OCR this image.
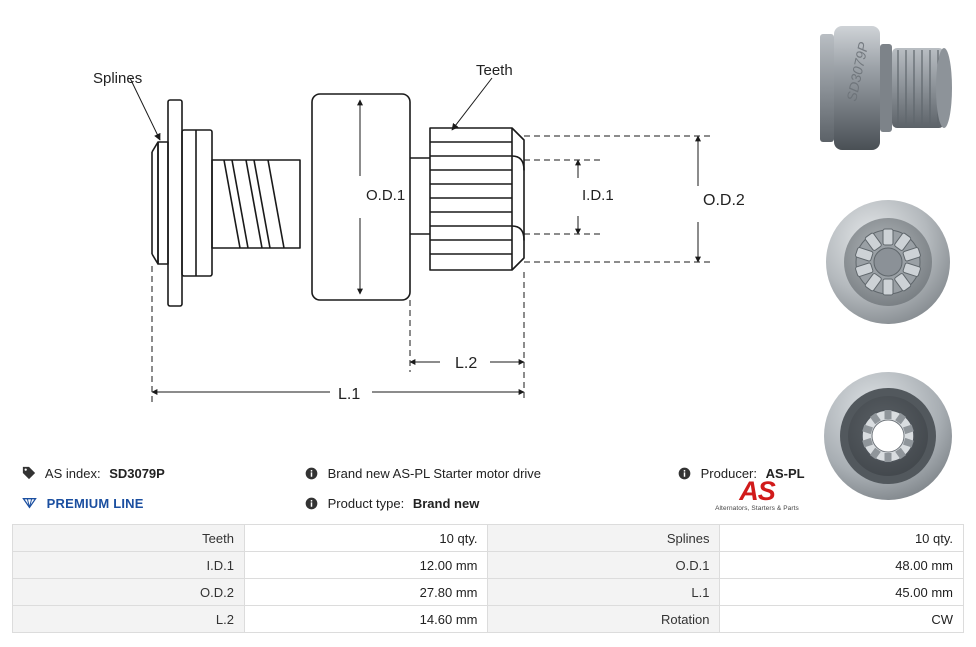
Splines	Teeth
O.D.1	I.D.1	O.D.2
L.2
L.1
SD3079P
AS index: SD3079P
PREMIUM LINE
Brand new AS-PL Starter motor drive
Product type: Brand new
Producer: AS-PL
AS
Alternators, Starters & Parts
Teeth	10 qty.	Splines	10 qty.
I.D.1	12.00 mm	O.D.1	48.00 mm
O.D.2	27.80 mm	L.1	45.00 mm
L.2	14.60 mm	Rotation	CW
